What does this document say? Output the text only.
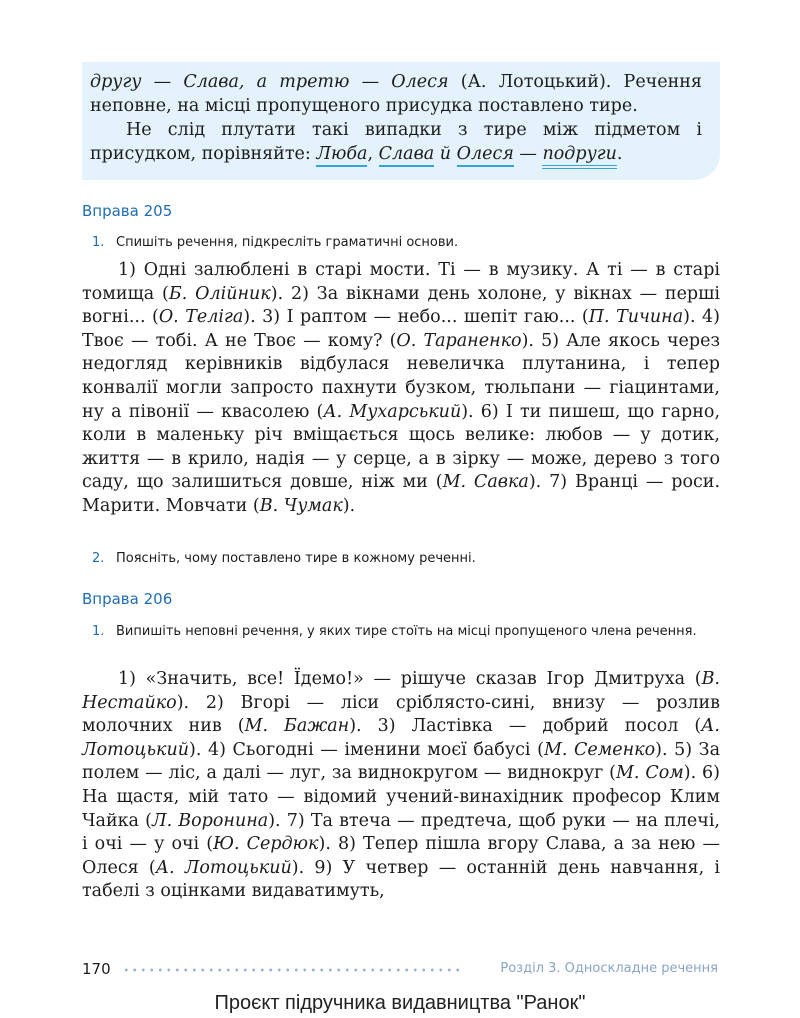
другу — Слава, а третю — Олеся (А. Лотоцький). Речення неповне, на місці пропущеного присудка поставлено тире.

Не слід плутати такі випадки з тире між підметом і присудком, порівняйте: Люба, Слава й Олеся — подруги.

Вправа 205
1. Спишіть речення, підкресліть граматичні основи.

1) Одні залюблені в старі мости. Ті — в музику. А ті — в старі томища (Б. Олійник). 2) За вікнами день холоне, у вікнах — перші вогні... (О. Теліга). 3) І раптом — небо... шепіт гаю... (П. Тичина). 4) Твоє — тобі. А не Твоє — кому? (О. Тараненко). 5) Але якось через недогляд керівників відбулася невеличка плутанина, і тепер конвалії могли запросто пахнути бузком, тюльпани — гіацинтами, ну а півонії — квасолею (А. Мухарський). 6) І ти пишеш, що гарно, коли в маленьку річ вміщається щось велике: любов — у дотик, життя — в крило, надія — у серце, а в зірку — може, дерево з того саду, що залишиться довше, ніж ми (М. Савка). 7) Вранці — роси. Марити. Мовчати (В. Чумак).

2. Поясніть, чому поставлено тире в кожному реченні.
Вправа 206
1. Випишіть неповні речення, у яких тире стоїть на місці пропущеного члена речення.

1) «Значить, все! Їдемо!» — рішуче сказав Ігор Дмитруха (В. Нестайко). 2) Вгорі — ліси сріблясто-сині, внизу — розлив молочних нив (М. Бажан). 3) Ластівка — добрий посол (А. Лотоцький). 4) Сьогодні — іменини моєї бабусі (М. Семенко). 5) За полем — ліс, а далі — луг, за виднокругом — виднокруг (М. Сом). 6) На щастя, мій тато — відомий учений-винахідник професор Клим Чайка (Л. Воронина). 7) Та втеча — предтеча, щоб руки — на плечі, і очі — у очі (Ю. Сердюк). 8) Тепер пішла вгору Слава, а за нею — Олеся (А. Лотоцький). 9) У четвер — останній день навчання, і табелі з оцінками видаватимуть,

170	Розділ 3. Односкладне речення
Проєкт підручника видавництва "Ранок"
